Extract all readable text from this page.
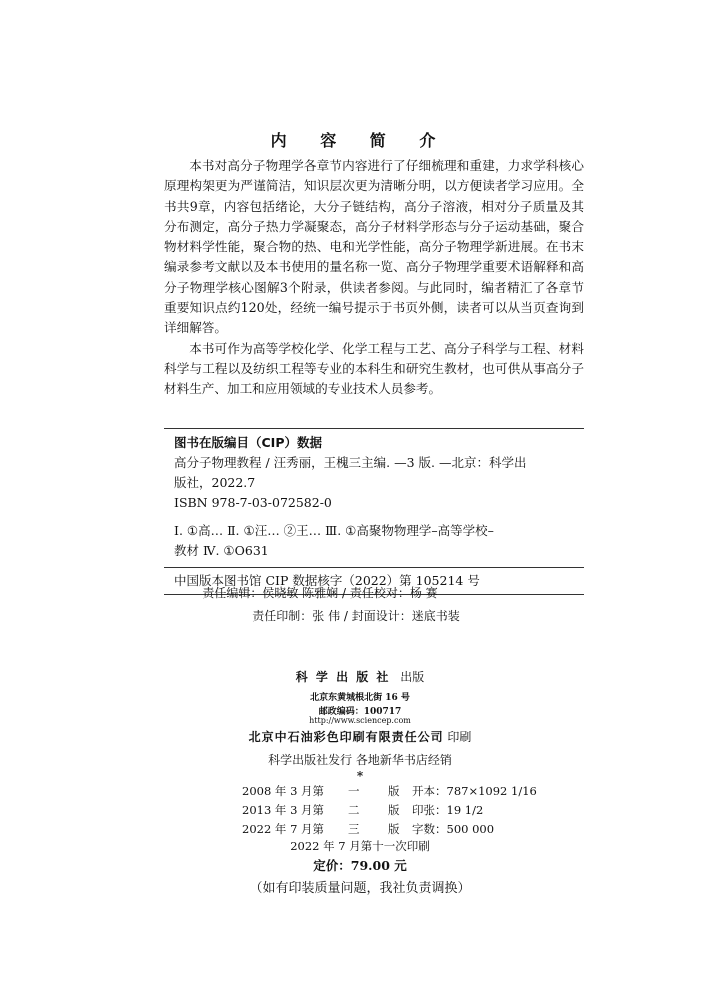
内 容 简 介

本书对高分子物理学各章节内容进行了仔细梳理和重建，力求学科核心原理构架更为严谨简洁，知识层次更为清晰分明，以方便读者学习应用。全书共9章，内容包括绪论，大分子链结构，高分子溶液，相对分子质量及其分布测定，高分子热力学凝聚态，高分子材料学形态与分子运动基础，聚合物材料学性能，聚合物的热、电和光学性能，高分子物理学新进展。在书末编录参考文献以及本书使用的量名称一览、高分子物理学重要术语解释和高分子物理学核心图解3个附录，供读者参阅。与此同时，编者精汇了各章节重要知识点约120处，经统一编号提示于书页外侧，读者可以从当页查询到详细解答。

本书可作为高等学校化学、化学工程与工艺、高分子科学与工程、材料科学与工程以及纺织工程等专业的本科生和研究生教材，也可供从事高分子材料生产、加工和应用领域的专业技术人员参考。

图书在版编目（CIP）数据
高分子物理教程 / 汪秀丽，王槐三主编. —3 版. —北京：科学出
版社，2022.7
ISBN 978-7-03-072582-0
Ⅰ. ①高… Ⅱ. ①汪… ②王… Ⅲ. ①高聚物物理学–高等学校–
教材 Ⅳ. ①O631
中国版本图书馆 CIP 数据核字（2022）第 105214 号
责任编辑：侯晓敏 陈雅娴 / 责任校对：杨 赛
责任印制：张 伟 / 封面设计：迷底书装
科 学 出 版 社 出版
北京东黄城根北街 16 号
邮政编码：100717
http://www.sciencep.com
北京中石油彩色印刷有限责任公司 印刷
科学出版社发行 各地新华书店经销
*
2008 年 3 月第 一 版 开本：787×1092 1/16
2013 年 3 月第 二 版 印张：19 1/2
2022 年 7 月第 三 版 字数：500 000
2022 年 7 月第十一次印刷
定价：79.00 元
（如有印装质量问题，我社负责调换）
